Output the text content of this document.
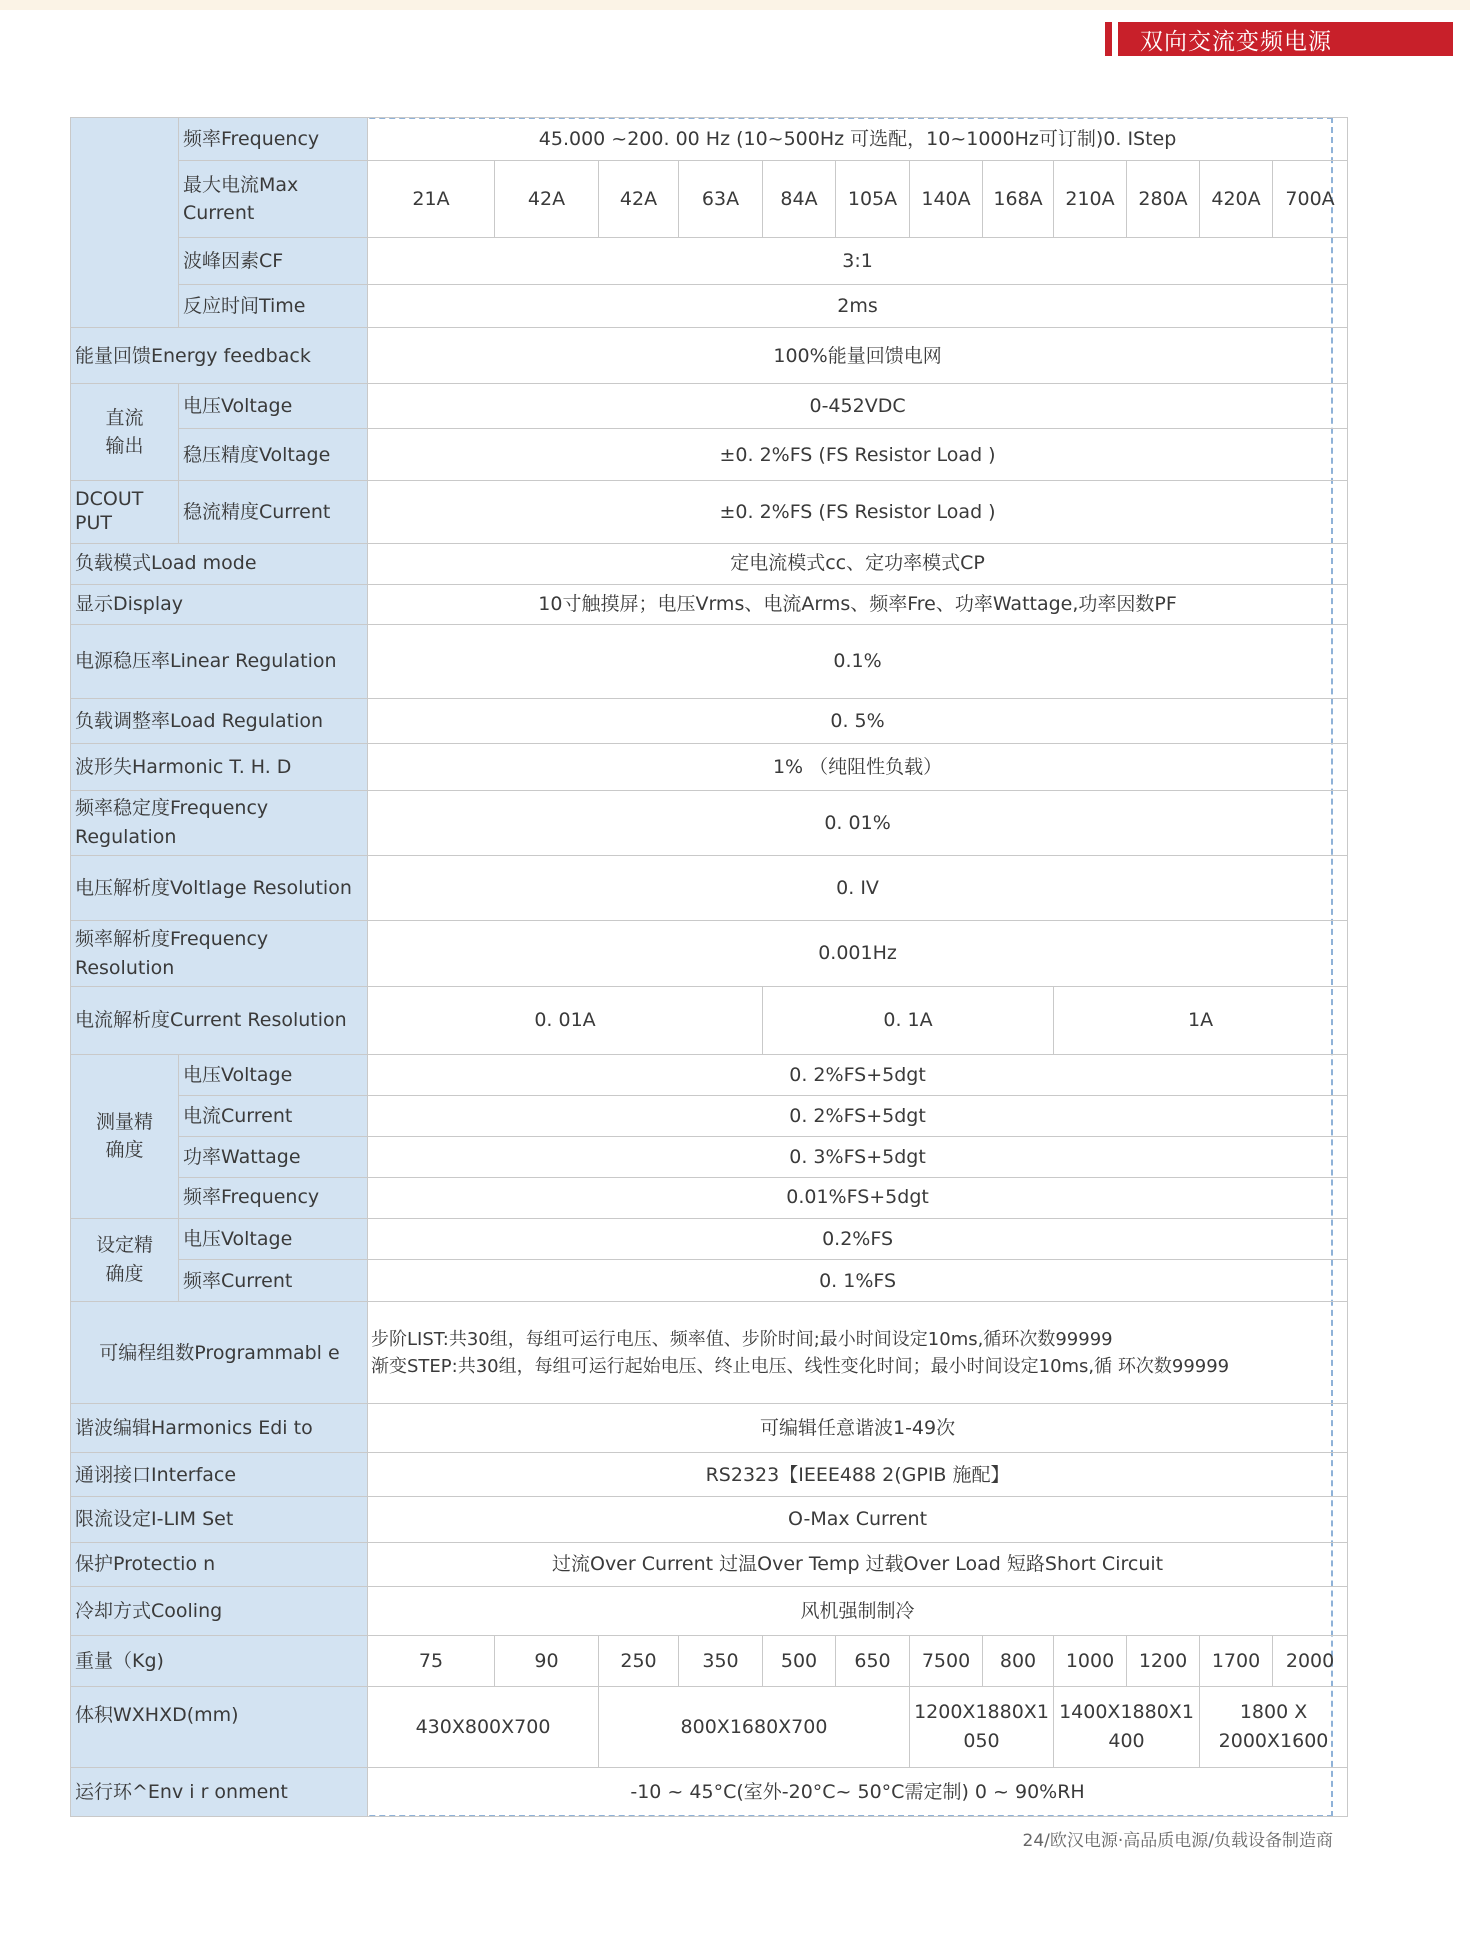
双向交流变频电源
	频率Frequency	45.000 ~200. 00 Hz (10~500Hz 可选配，10~1000Hz可订制)0. IStep											
	最大电流Max Current	21A	42A	42A	63A	84A	105A	140A	168A	210A	280A	420A	700A
	波峰因素CF	3:1											
	反应时间Time	2ms											
能量回馈Energy feedback		100%能量回馈电网											
直流
输出	电压Voltage	0-452VDC											
	稳压精度Voltage	±0. 2%FS (FS Resistor Load )											
DCOUT PUT	稳流精度Current	±0. 2%FS (FS Resistor Load )											
负载模式Load mode		定电流模式cc、定功率模式CP											
显示Display		10寸触摸屏；电压Vrms、电流Arms、频率Fre、功率Wattage,功率因数PF											
电源稳压率Linear Regulation		0.1%											
负载调整率Load Regulation		0. 5%											
波形失Harmonic T. H. D		1% （纯阻性负载）											
频率稳定度Frequency Regulation		0. 01%											
电压解析度Voltlage Resolution		0. IV											
频率解析度Frequency Resolution		0.001Hz											
电流解析度Current Resolution		0. 01A				0. 1A				1A			
测量精
确度	电压Voltage	0. 2%FS+5dgt											
	电流Current	0. 2%FS+5dgt											
	功率Wattage	0. 3%FS+5dgt											
	频率Frequency	0.01%FS+5dgt											
设定精
确度	电压Voltage	0.2%FS											
	频率Current	0. 1%FS											
可编程组数Programmabl e		步阶LIST:共30组，每组可运行电压、频率值、步阶时间;最小时间设定10ms,循环次数99999
渐变STEP:共30组，每组可运行起始电压、终止电压、线性变化时间；最小时间设定10ms,循 环次数99999											

谐波编辑Harmonics Edi to		可编辑任意谐波1-49次											
通诩接口Interface		RS2323【IEEE488 2(GPIB 施配】											
限流设定I-LIM Set		O-Max Current											
保护Protectio n		过流Over Current 过温Over Temp 过载Over Load 短路Short Circuit											
冷却方式Cooling		风机强制制冷											
重量（Kg)		75	90	250	350	500	650	7500	800	1000	1200	1700	2000
体积WXHXD(mm)		430X800X700		800X1680X700				1200X1880X1050		1400X1880X1400		1800 X 2000X1600	
运行环^Env i r onment		-10 ~ 45°C(室外-20°C~ 50°C需定制) 0 ~ 90%RH											
24/欧汉电源·高品质电源/负载设备制造商
